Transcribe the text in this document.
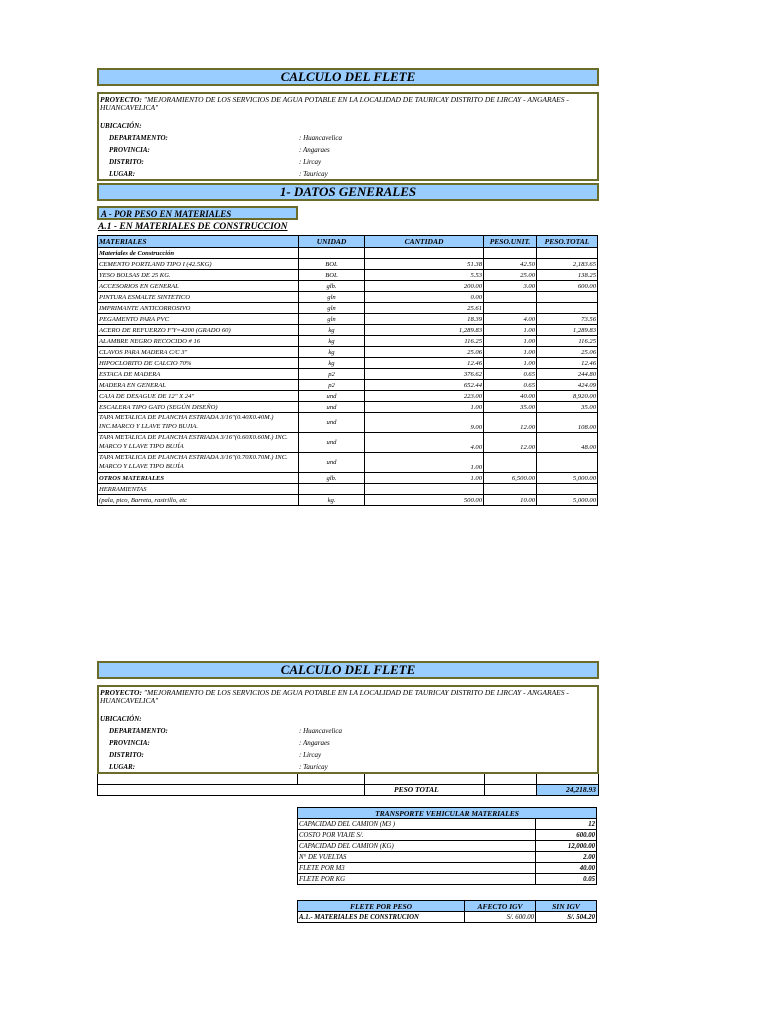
CALCULO DEL FLETE
PROYECTO: "MEJORAMIENTO DE LOS SERVICIOS DE AGUA POTABLE EN LA LOCALIDAD DE TAURICAY DISTRITO DE LIRCAY - ANGARAES - HUANCAVELICA"
UBICACIÓN:
DEPARTAMENTO:	: Huancavelica
PROVINCIA:	: Angaraes
DISTRITO:	: Lircay
LUGAR:	: Tauricay
1- DATOS GENERALES
A - POR PESO EN MATERIALES
A.1 - EN MATERIALES DE CONSTRUCCION
MATERIALES	UNIDAD	CANTIDAD	PESO.UNIT.	PESO.TOTAL
Materiales de Construcción				
CEMENTO PORTLAND TIPO I (42.5KG)	BOL	51.38	42.50	2,183.65
YESO BOLSAS DE 25 KG.	BOL	5.53	25.00	138.25
ACCESORIOS EN GENERAL	glb.	200.00	3.00	600.00
PINTURA ESMALTE SINTETICO	gln	0.00		
IMPRIMANTE ANTICORROSIVO	gln	25.61		
PEGAMENTO PARA PVC	gln	18.39	4.00	73.56
ACERO DE REFUERZO F'Y=4200 (GRADO 60)	kg	1,289.83	1.00	1,289.83
ALAMBRE NEGRO RECOCIDO # 16	kg	116.25	1.00	116.25
CLAVOS PARA MADERA C/C 3"	kg	25.06	1.00	25.06
HIPOCLORITO DE CALCIO 70%	kg	12.46	1.00	12.46
ESTACA DE MADERA	p2	376.62	0.65	244.80
MADERA EN GENERAL	p2	652.44	0.65	424.09
CAJA DE DESAGUE DE 12" X 24"	und	223.00	40.00	8,920.00
ESCALERA TIPO GATO (SEGÚN DISEÑO)	und	1.00	35.00	35.00
TAPA METALICA DE PLANCHA ESTRIADA 3/16"(0.40X0.40M.) INC.MARCO Y LLAVE TIPO BUJIA.	und	9.00	12.00	108.00
TAPA METALICA DE PLANCHA ESTRIADA 3/16"(0.60X0.60M.) INC. MARCO Y LLAVE TIPO BUJÍA	und	4.00	12.00	48.00
TAPA METALICA DE PLANCHA ESTRIADA 3/16"(0.70X0.70M.) INC. MARCO Y LLAVE TIPO BUJÍA	und	1.00		
OTROS MATERIALES	glb.	1.00	6,500.00	5,000.00
HERRAMIENTAS				
(pala, pico, Barreta, rastrillo, etc	kg.	500.00	10.00	5,000.00
CALCULO DEL FLETE
PROYECTO: "MEJORAMIENTO DE LOS SERVICIOS DE AGUA POTABLE EN LA LOCALIDAD DE TAURICAY DISTRITO DE LIRCAY - ANGARAES - HUANCAVELICA"
UBICACIÓN:
DEPARTAMENTO:	: Huancavelica
PROVINCIA:	: Angaraes
DISTRITO:	: Lircay
LUGAR:	: Tauricay
PESO TOTAL	24,218.93
TRANSPORTE VEHICULAR MATERIALES	
CAPACIDAD DEL CAMION (M3 )	12
COSTO POR VIAJE S/.	600.00
CAPACIDAD DEL CAMION (KG)	12,000.00
N° DE VUELTAS	2.00
FLETE POR M3	40.00
FLETE POR KG	0.05
FLETE POR PESO	AFECTO IGV	SIN IGV
A.1.- MATERIALES DE CONSTRUCION	S/. 600.00	S/. 504.20
